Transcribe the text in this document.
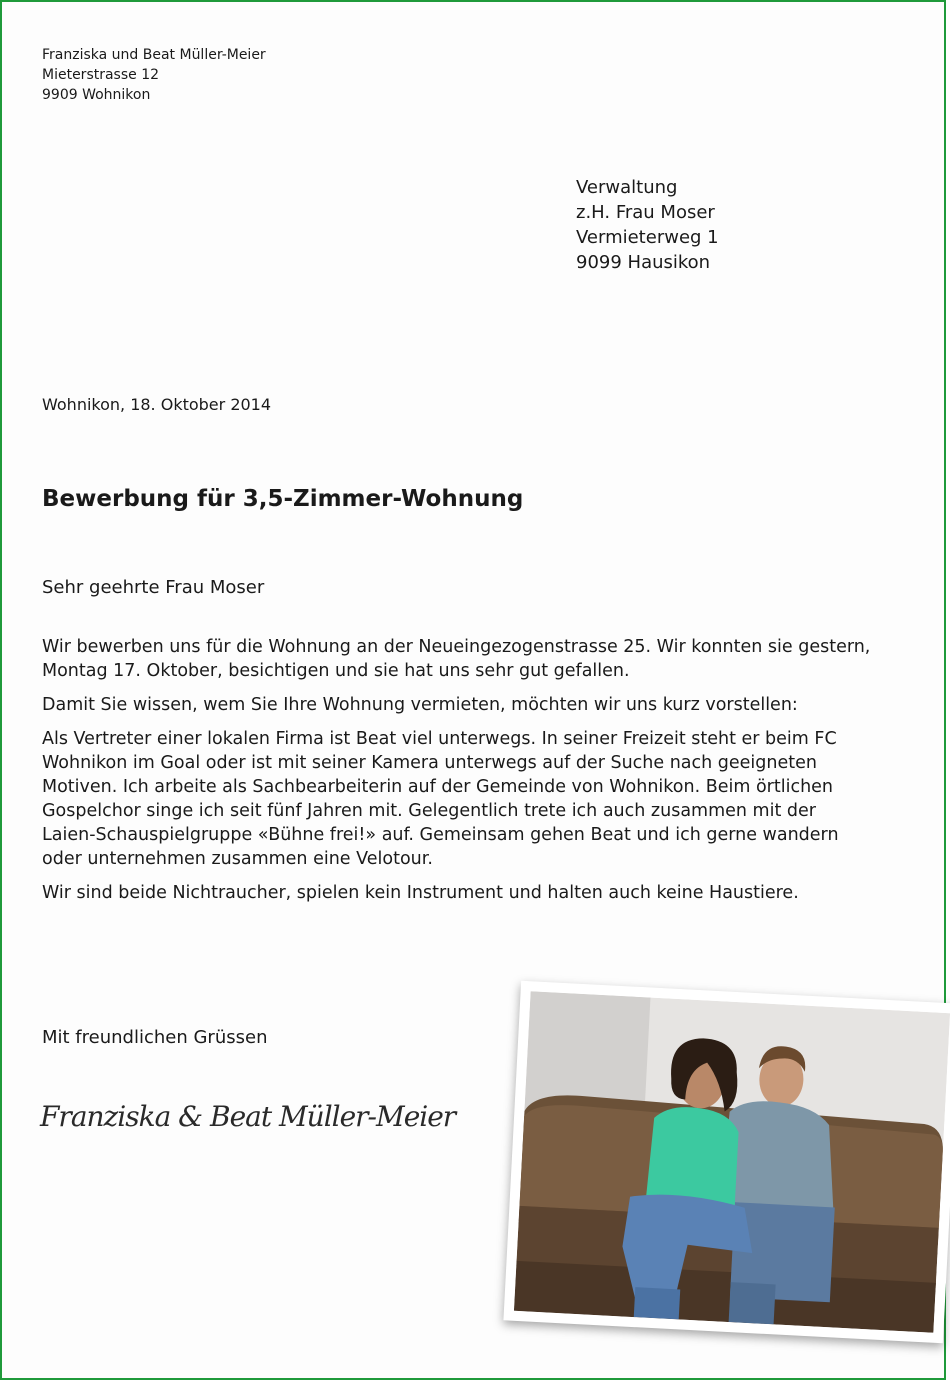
Franziska und Beat Müller-Meier
Mieterstrasse 12
9909 Wohnikon
Verwaltung
z.H. Frau Moser
Vermieterweg 1
9099 Hausikon
Wohnikon, 18. Oktober 2014
Bewerbung für 3,5-Zimmer-Wohnung
Sehr geehrte Frau Moser

Wir bewerben uns für die Wohnung an der Neueingezogenstrasse 25. Wir konnten sie gestern, Montag 17. Oktober, besichtigen und sie hat uns sehr gut gefallen.

Damit Sie wissen, wem Sie Ihre Wohnung vermieten, möchten wir uns kurz vorstellen:

Als Vertreter einer lokalen Firma ist Beat viel unterwegs. In seiner Freizeit steht er beim FC Wohnikon im Goal oder ist mit seiner Kamera unterwegs auf der Suche nach geeigneten Motiven. Ich arbeite als Sachbearbeiterin auf der Gemeinde von Wohnikon. Beim örtlichen Gospelchor singe ich seit fünf Jahren mit. Gelegentlich trete ich auch zusammen mit der Laien-Schauspielgruppe «Bühne frei!» auf. Gemeinsam gehen Beat und ich gerne wandern oder unternehmen zusammen eine Velotour.

Wir sind beide Nichtraucher, spielen kein Instrument und halten auch keine Haustiere.

Mit freundlichen Grüssen
Franziska & Beat Müller-Meier
